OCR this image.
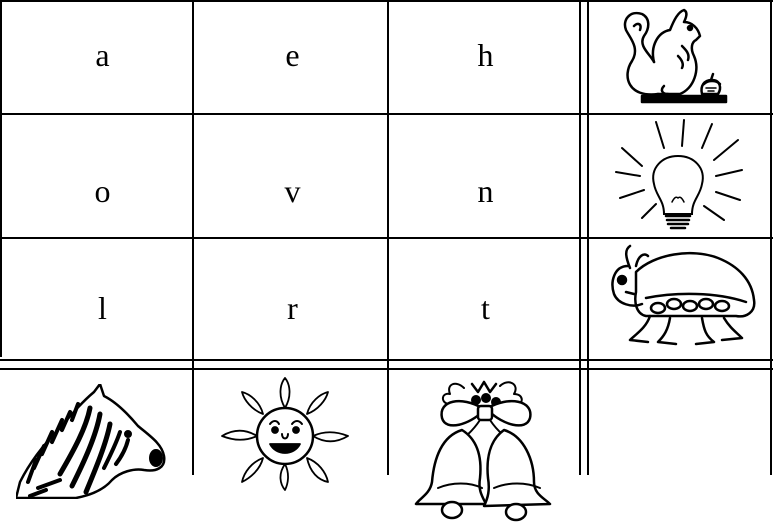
a	e	h
o	v	n
l	r	t
